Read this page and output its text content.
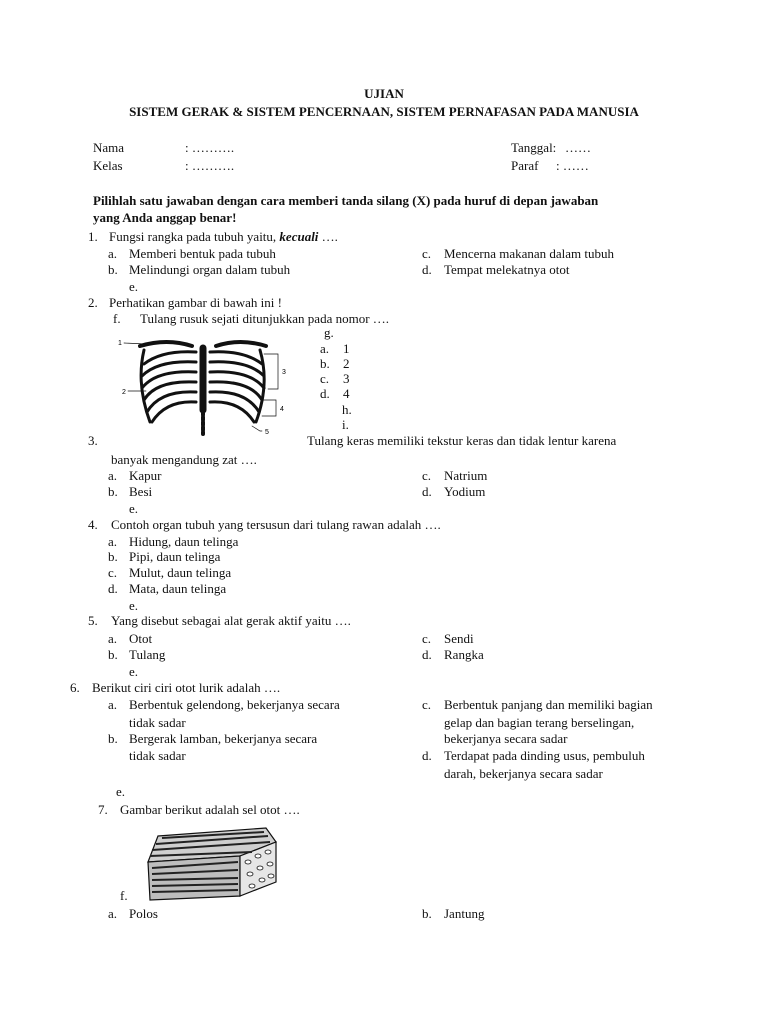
UJIAN
SISTEM GERAK & SISTEM PENCERNAAN, SISTEM PERNAFASAN PADA MANUSIA
Nama	: ……….
Kelas	: ……….
Tanggal: ……
Paraf : ……
Pilihlah satu jawaban dengan cara memberi tanda silang (X) pada huruf di depan jawaban
yang Anda anggap benar!
1. Fungsi rangka pada tubuh yaitu, kecuali ….
a. Memberi bentuk pada tubuh
b. Melindungi organ dalam tubuh
c. Mencerna makanan dalam tubuh
d. Tempat melekatnya otot
e.
2. Perhatikan gambar di bawah ini !
f. Tulang rusuk sejati ditunjukkan pada nomor ….
1
2
3
4
5
g.
a. 1
b. 2
c. 3
d. 4
h.
i.
3.	Tulang keras memiliki tekstur keras dan tidak lentur karena
banyak mengandung zat ….
a. Kapur
b. Besi
c. Natrium
d. Yodium
e.
4. Contoh organ tubuh yang tersusun dari tulang rawan adalah ….
a. Hidung, daun telinga
b. Pipi, daun telinga
c. Mulut, daun telinga
d. Mata, daun telinga
e.
5. Yang disebut sebagai alat gerak aktif yaitu ….
a. Otot
b. Tulang
c. Sendi
d. Rangka
e.
6. Berikut ciri ciri otot lurik adalah ….
a. Berbentuk gelendong, bekerjanya secara
tidak sadar
b. Bergerak lamban, bekerjanya secara
tidak sadar
c. Berbentuk panjang dan memiliki bagian
gelap dan bagian terang berselingan,
bekerjanya secara sadar
d. Terdapat pada dinding usus, pembuluh
darah, bekerjanya secara sadar
e.
7. Gambar berikut adalah sel otot ….
f.
a. Polos	b. Jantung
